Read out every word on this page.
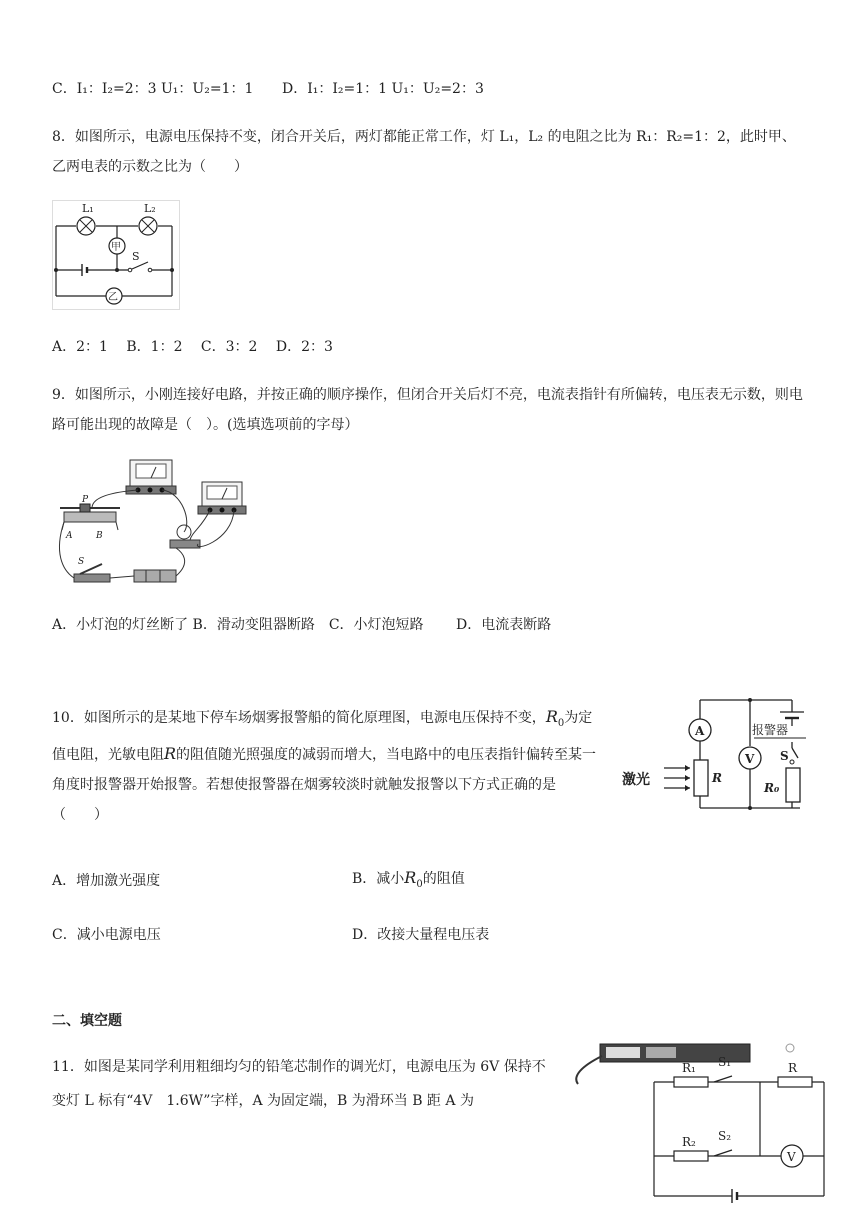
C．I₁：I₂=2：3 U₁：U₂=1：1 D．I₁：I₂=1：1 U₁：U₂=2：3
8．如图所示，电源电压保持不变，闭合开关后，两灯都能正常工作，灯 L₁，L₂ 的电阻之比为 R₁：R₂=1：2，此时甲、乙两电表的示数之比为（　　）
L₁	L₂
甲
S
乙
A．2：1　 B．1：2　 C．3：2　 D．2：3
9．如图所示，小刚连接好电路，并按正确的顺序操作，但闭合开关后灯不亮，电流表指针有所偏转，电压表无示数，则电路可能出现的故障是（　）。(选填选项前的字母）
P
A	B
S
A．小灯泡的灯丝断了 B．滑动变阻器断路　C．小灯泡短路　　 D．电流表断路
10．如图所示的是某地下停车场烟雾报警船的简化原理图，电源电压保持不变，$R_0$为定值电阻，光敏电阻R的阻值随光照强度的减弱而增大，当电路中的电压表指针偏转至某一角度时报警器开始报警。若想使报警器在烟雾较淡时就触发报警以下方式正确的是（　　）
A
R
激光
V
报警器
S
R₀
A．增加激光强度	B．减小$R_0$的阻值
C．减小电源电压	D．改接大量程电压表
二、填空题
11．如图是某同学利用粗细均匀的铅笔芯制作的调光灯，电源电压为 6V 保持不变灯 L 标有“4V　1.6W”字样，A 为固定端，B 为滑环当 B 距 A 为
R₁ S₁	R
R₂ S₂
V
